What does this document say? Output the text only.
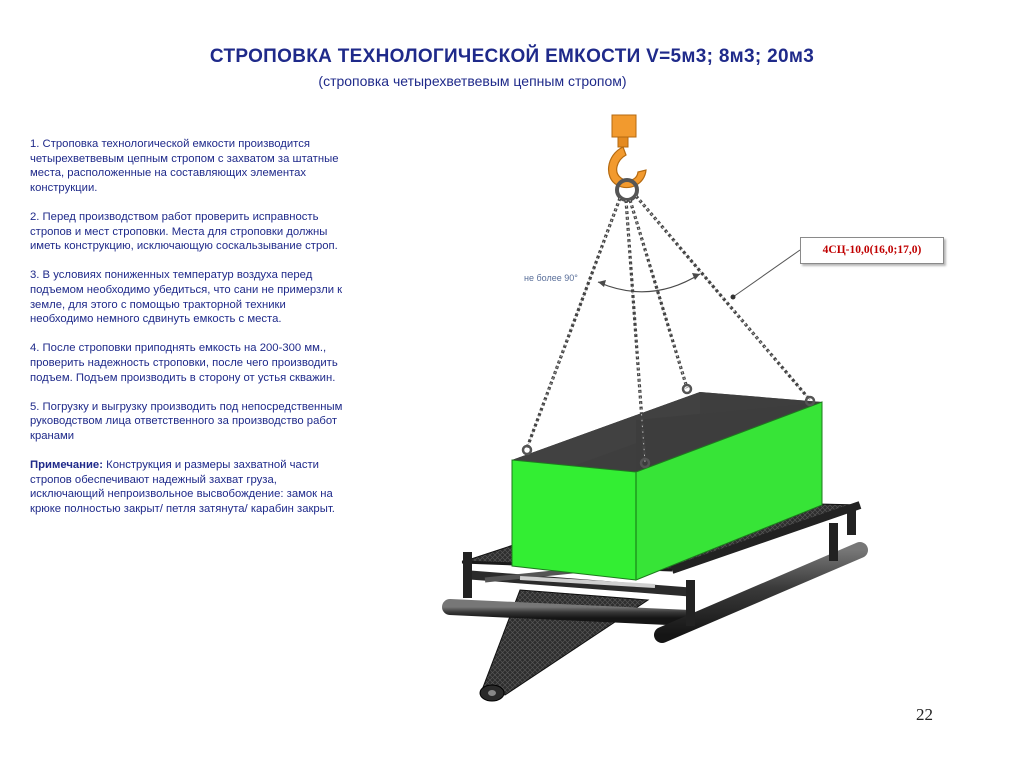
СТРОПОВКА ТЕХНОЛОГИЧЕСКОЙ ЕМКОСТИ V=5м3; 8м3; 20м3
(строповка четырехветвевым цепным стропом)

1. Строповка технологической емкости производится четырехветвевым цепным стропом с захватом за штатные места, расположенные на составляющих элементах конструкции.

2. Перед производством работ проверить исправность стропов и мест строповки. Места для строповки должны иметь конструкцию, исключающую соскальзывание строп.

3. В условиях пониженных температур воздуха перед подъемом необходимо убедиться, что сани не примерзли к земле, для этого с помощью тракторной техники необходимо немного сдвинуть емкость с места.

4. После строповки приподнять емкость на 200-300 мм., проверить надежность строповки, после чего производить подъем. Подъем производить в сторону от устья скважин.

5. Погрузку и выгрузку производить под непосредственным руководством лица ответственного за производство работ кранами

Примечание: Конструкция и размеры захватной части стропов обеспечивают надежный захват груза, исключающий непроизвольное высвобождение: замок на крюке полностью закрыт/ петля затянута/ карабин закрыт.

не более 90°
4СЦ-10,0(16,0;17,0)
22
